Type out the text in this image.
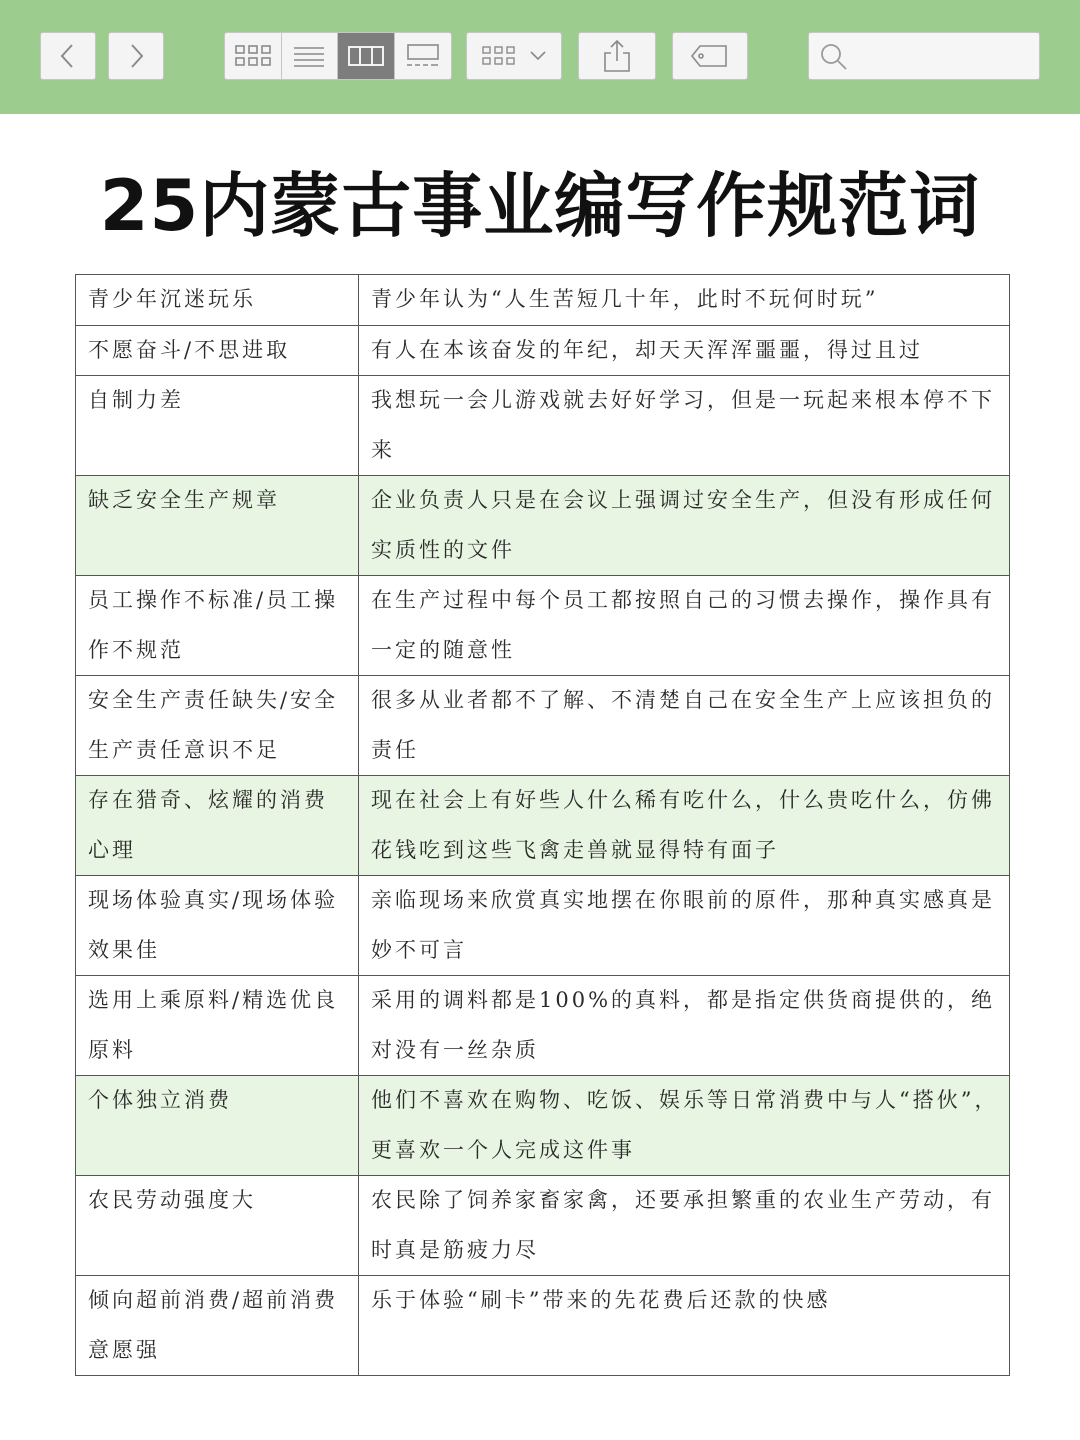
25内蒙古事业编写作规范词
青少年沉迷玩乐	青少年认为“人生苦短几十年，此时不玩何时玩”
不愿奋斗/不思进取	有人在本该奋发的年纪，却天天浑浑噩噩，得过且过
自制力差	我想玩一会儿游戏就去好好学习，但是一玩起来根本停不下来
缺乏安全生产规章	企业负责人只是在会议上强调过安全生产，但没有形成任何实质性的文件
员工操作不标准/员工操作不规范	在生产过程中每个员工都按照自己的习惯去操作，操作具有一定的随意性
安全生产责任缺失/安全生产责任意识不足	很多从业者都不了解、不清楚自己在安全生产上应该担负的责任
存在猎奇、炫耀的消费心理	现在社会上有好些人什么稀有吃什么，什么贵吃什么，仿佛花钱吃到这些飞禽走兽就显得特有面子
现场体验真实/现场体验效果佳	亲临现场来欣赏真实地摆在你眼前的原件，那种真实感真是妙不可言
选用上乘原料/精选优良原料	采用的调料都是100%的真料，都是指定供货商提供的，绝对没有一丝杂质
个体独立消费	他们不喜欢在购物、吃饭、娱乐等日常消费中与人“搭伙”，更喜欢一个人完成这件事
农民劳动强度大	农民除了饲养家畜家禽，还要承担繁重的农业生产劳动，有时真是筋疲力尽
倾向超前消费/超前消费意愿强	乐于体验“刷卡”带来的先花费后还款的快感
